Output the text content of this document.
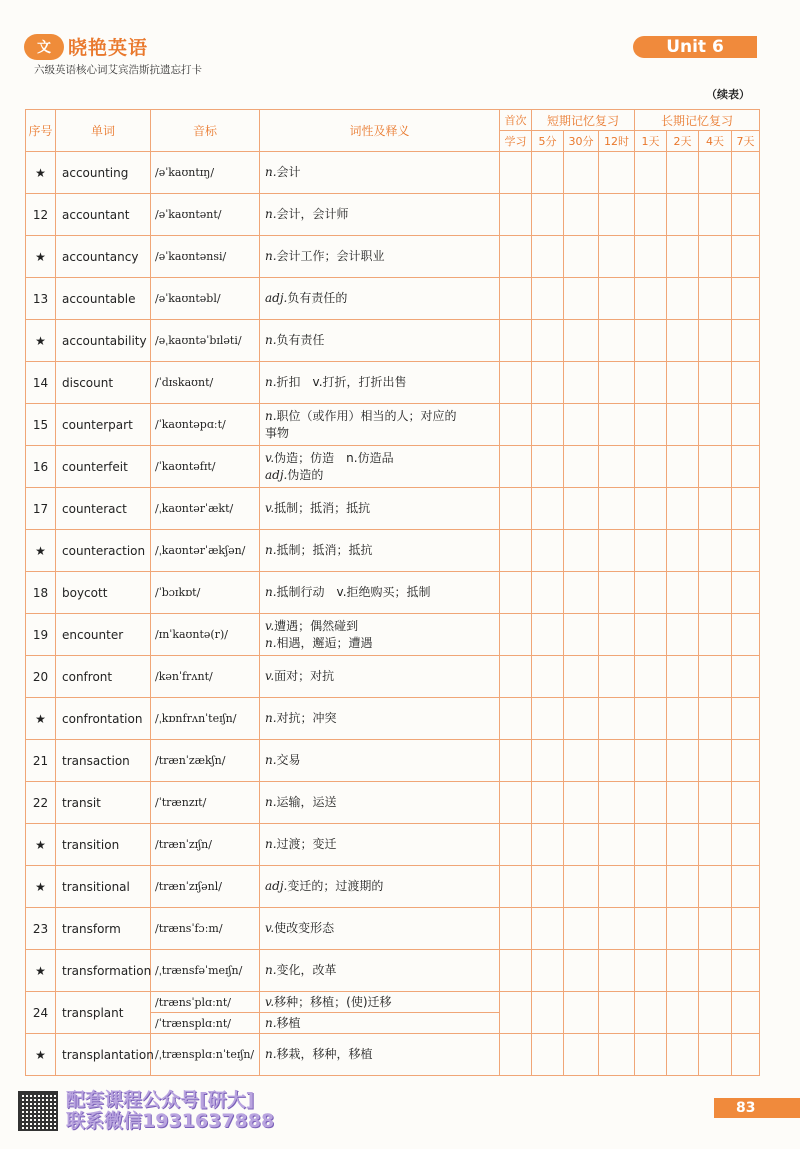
文 晓艳英语
六级英语核心词艾宾浩斯抗遗忘打卡
Unit 6
（续表）
序号	单词	音标	词性及释义	首次	短期记忆复习			长期记忆复习			
				学习	5分	30分	12时	1天	2天	4天	7天
★	accounting	/əˈkaʊntɪŋ/	n.会计								

12	accountant	/əˈkaʊntənt/	n.会计，会计师								

★	accountancy	/əˈkaʊntənsi/	n.会计工作；会计职业								

13	accountable	/əˈkaʊntəbl/	adj.负有责任的								

★	accountability	/əˌkaʊntəˈbɪləti/	n.负有责任								

14	discount	/ˈdɪskaʊnt/	n.折扣　v.打折，打折出售								

15	counterpart	/ˈkaʊntəpɑːt/	n.职位（或作用）相当的人；对应的
事物								

16	counterfeit	/ˈkaʊntəfɪt/	v.伪造；仿造　n.仿造品
adj.伪造的								

17	counteract	/ˌkaʊntərˈækt/	v.抵制；抵消；抵抗								

★	counteraction	/ˌkaʊntərˈækʃən/	n.抵制；抵消；抵抗								

18	boycott	/ˈbɔɪkɒt/	n.抵制行动　v.拒绝购买；抵制								

19	encounter	/ɪnˈkaʊntə(r)/	v.遭遇；偶然碰到
n.相遇，邂逅；遭遇								

20	confront	/kənˈfrʌnt/	v.面对；对抗								

★	confrontation	/ˌkɒnfrʌnˈteɪʃn/	n.对抗；冲突								

21	transaction	/trænˈzækʃn/	n.交易								

22	transit	/ˈtrænzɪt/	n.运输，运送								

★	transition	/trænˈzɪʃn/	n.过渡；变迁								

★	transitional	/trænˈzɪʃənl/	adj.变迁的；过渡期的								

23	transform	/trænsˈfɔːm/	v.使改变形态								

★	transformation	/ˌtrænsfəˈmeɪʃn/	n.变化，改革								

24	transplant	/trænsˈplɑːnt/	v.移种；移植；(使)迁移								

		/ˈtrænsplɑːnt/	n.移植								

★	transplantation	/ˌtrænsplɑːnˈteɪʃn/	n.移栽，移种，移植								

配套课程公众号[研大]
联系微信1931637888
83
